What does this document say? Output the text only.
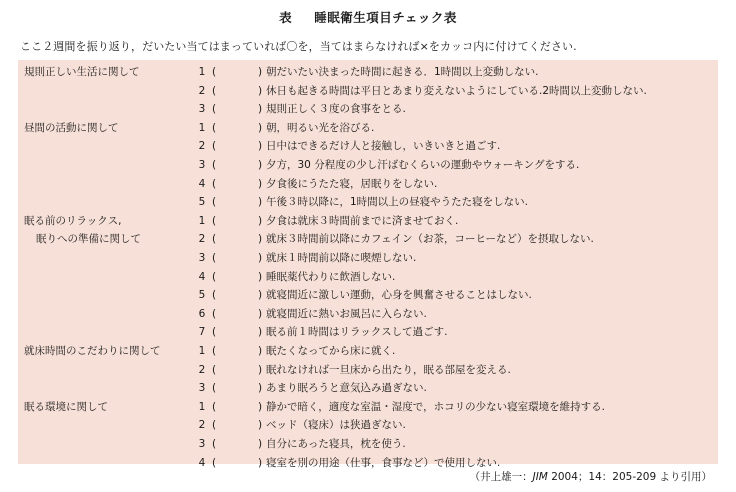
表 睡眠衛生項目チェック表
ここ２週間を振り返り，だいたい当てはまっていれば〇を，当てはまらなければ×をカッコ内に付けてください.
規則正しい生活に関して	1 (	) 朝だいたい決まった時間に起きる．1時間以上変動しない.
2 (	) 休日も起きる時間は平日とあまり変えないようにしている.2時間以上変動しない.
3 (	) 規則正しく３度の食事をとる.
昼間の活動に関して	1 (	) 朝，明るい光を浴びる.
2 (	) 日中はできるだけ人と接触し，いきいきと過ごす.
3 (	) 夕方，30 分程度の少し汗ばむくらいの運動やウォーキングをする.
4 (	) 夕食後にうたた寝，居眠りをしない.
5 (	) 午後３時以降に，1時間以上の昼寝やうたた寝をしない.
眠る前のリラックス,	1 (	) 夕食は就床３時間前までに済ませておく.
眠りへの準備に関して	2 (	) 就床３時間前以降にカフェイン（お茶，コーヒーなど）を摂取しない.
3 (	) 就床１時間前以降に喫煙しない.
4 (	) 睡眠薬代わりに飲酒しない.
5 (	) 就寝間近に激しい運動，心身を興奮させることはしない.
6 (	) 就寝間近に熱いお風呂に入らない.
7 (	) 眠る前１時間はリラックスして過ごす.
就床時間のこだわりに関して	1 (	) 眠たくなってから床に就く.
2 (	) 眠れなければ一旦床から出たり，眠る部屋を変える.
3 (	) あまり眠ろうと意気込み過ぎない.
眠る環境に関して	1 (	) 静かで暗く，適度な室温・湿度で，ホコリの少ない寝室環境を維持する.
2 (	) ベッド（寝床）は狭過ぎない.
3 (	) 自分にあった寝具，枕を使う.
4 (	) 寝室を別の用途（仕事，食事など）で使用しない.
（井上雄一：JIM 2004；14：205-209 より引用）
